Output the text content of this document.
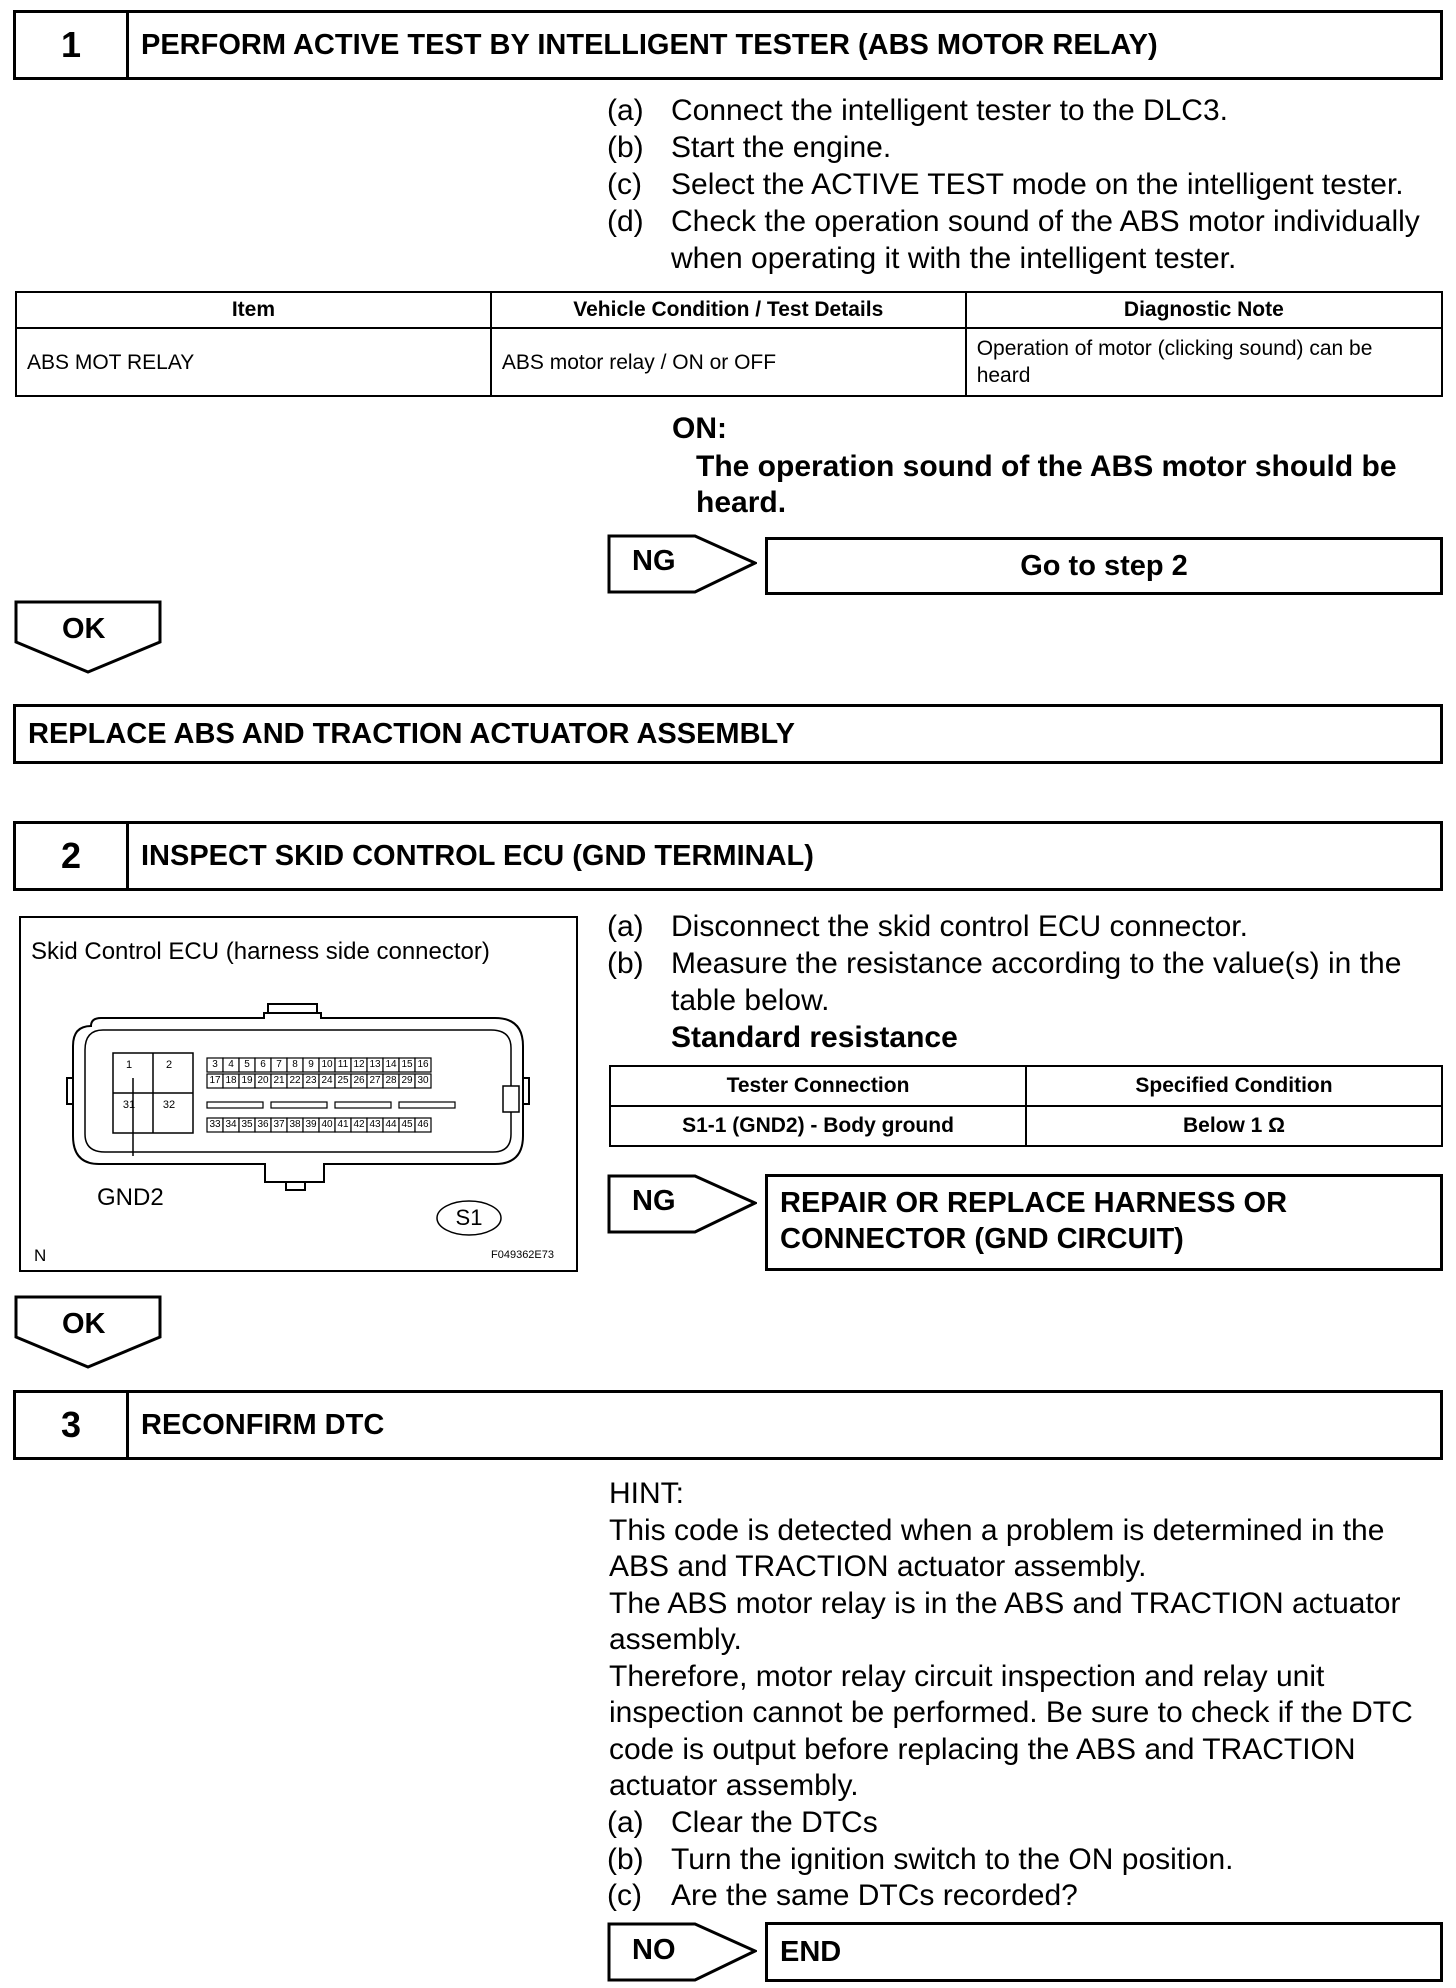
1	PERFORM ACTIVE TEST BY INTELLIGENT TESTER (ABS MOTOR RELAY)
(a) Connect the intelligent tester to the DLC3.
(b) Start the engine.
(c) Select the ACTIVE TEST mode on the intelligent tester.
(d) Check the operation sound of the ABS motor individually when operating it with the intelligent tester.
Item	Vehicle Condition / Test Details	Diagnostic Note
ABS MOT RELAY	ABS motor relay / ON or OFF	Operation of motor (clicking sound) can be heard
ON:
The operation sound of the ABS motor should be heard.
NG	Go to step 2
OK
REPLACE ABS AND TRACTION ACTUATOR ASSEMBLY
2	INSPECT SKID CONTROL ECU (GND TERMINAL)
Skid Control ECU (harness side connector)
1	2
31	32
3	4	5	6	7	8	9 10 11 12 13 14 15 16
17 18 19 20 21 22 23 24 25 26 27 28 29 30
33 34 35 36 37 38 39 40 41 42 43 44 45 46
GND2
S1
N	F049362E73
(a) Disconnect the skid control ECU connector.
(b) Measure the resistance according to the value(s) in the table below.
Standard resistance
Tester Connection	Specified Condition
S1-1 (GND2) - Body ground	Below 1 Ω
NG	REPAIR OR REPLACE HARNESS OR CONNECTOR (GND CIRCUIT)
OK
3	RECONFIRM DTC
HINT:
This code is detected when a problem is determined in the ABS and TRACTION actuator assembly.
The ABS motor relay is in the ABS and TRACTION actuator assembly.
Therefore, motor relay circuit inspection and relay unit inspection cannot be performed. Be sure to check if the DTC code is output before replacing the ABS and TRACTION actuator assembly.
(a) Clear the DTCs
(b) Turn the ignition switch to the ON position.
(c) Are the same DTCs recorded?
NO	END
